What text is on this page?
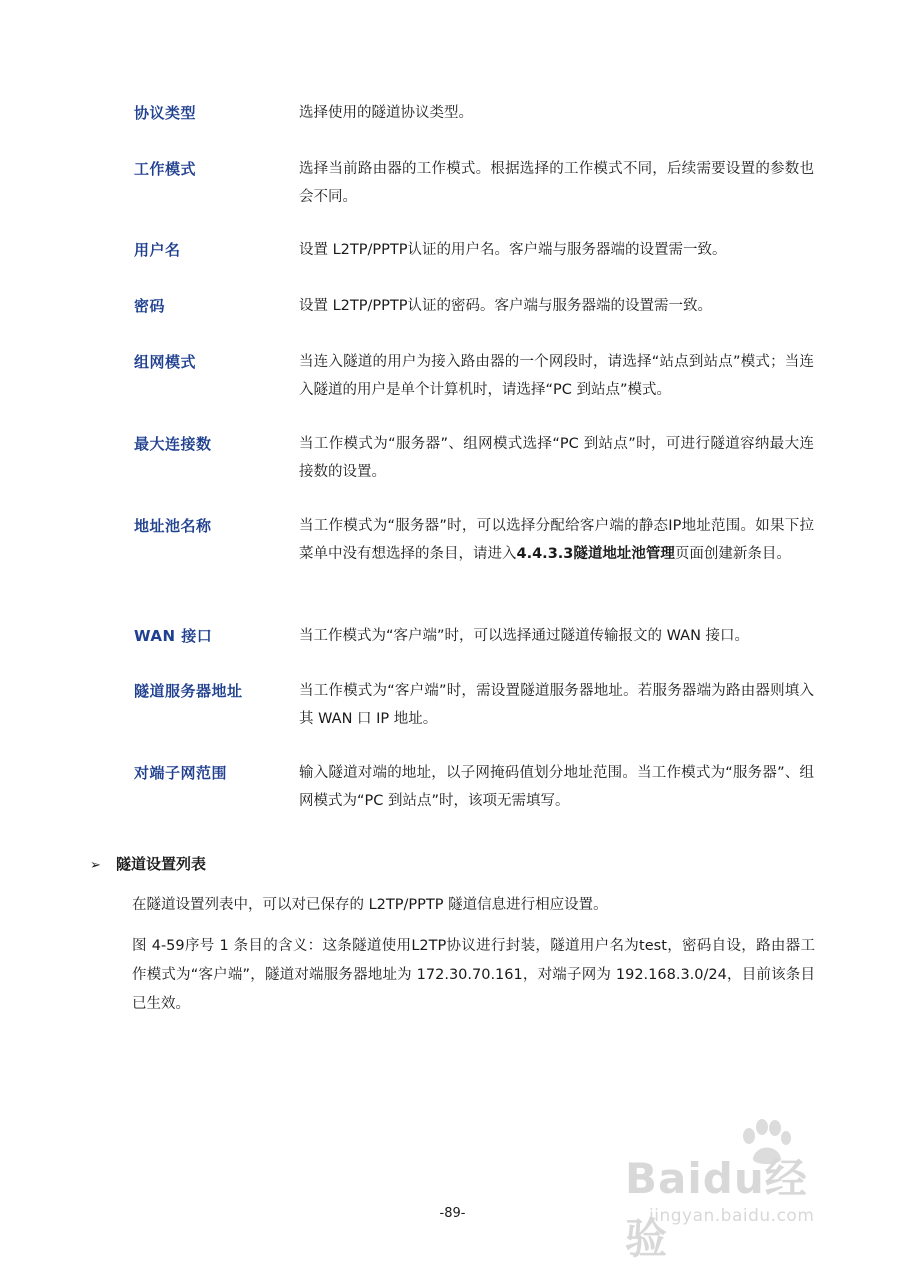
协议类型	选择使用的隧道协议类型。
工作模式	选择当前路由器的工作模式。根据选择的工作模式不同，后续需要设置的参数也会不同。
用户名	设置 L2TP/PPTP认证的用户名。客户端与服务器端的设置需一致。
密码	设置 L2TP/PPTP认证的密码。客户端与服务器端的设置需一致。
组网模式	当连入隧道的用户为接入路由器的一个网段时，请选择“站点到站点”模式；当连入隧道的用户是单个计算机时，请选择“PC 到站点”模式。
最大连接数	当工作模式为“服务器”、组网模式选择“PC 到站点”时，可进行隧道容纳最大连接数的设置。
地址池名称	当工作模式为“服务器”时，可以选择分配给客户端的静态IP地址范围。如果下拉菜单中没有想选择的条目，请进入4.4.3.3隧道地址池管理页面创建新条目。
WAN 接口	当工作模式为“客户端”时，可以选择通过隧道传输报文的 WAN 接口。
隧道服务器地址	当工作模式为“客户端”时，需设置隧道服务器地址。若服务器端为路由器则填入其 WAN 口 IP 地址。
对端子网范围	输入隧道对端的地址，以子网掩码值划分地址范围。当工作模式为“服务器”、组网模式为“PC 到站点”时，该项无需填写。
➢ 隧道设置列表
在隧道设置列表中，可以对已保存的 L2TP/PPTP 隧道信息进行相应设置。
图 4-59序号 1 条目的含义：这条隧道使用L2TP协议进行封装，隧道用户名为test，密码自设，路由器工作模式为“客户端”，隧道对端服务器地址为 172.30.70.161，对端子网为 192.168.3.0/24，目前该条目已生效。
-89-
Baidu经验
jingyan.baidu.com
